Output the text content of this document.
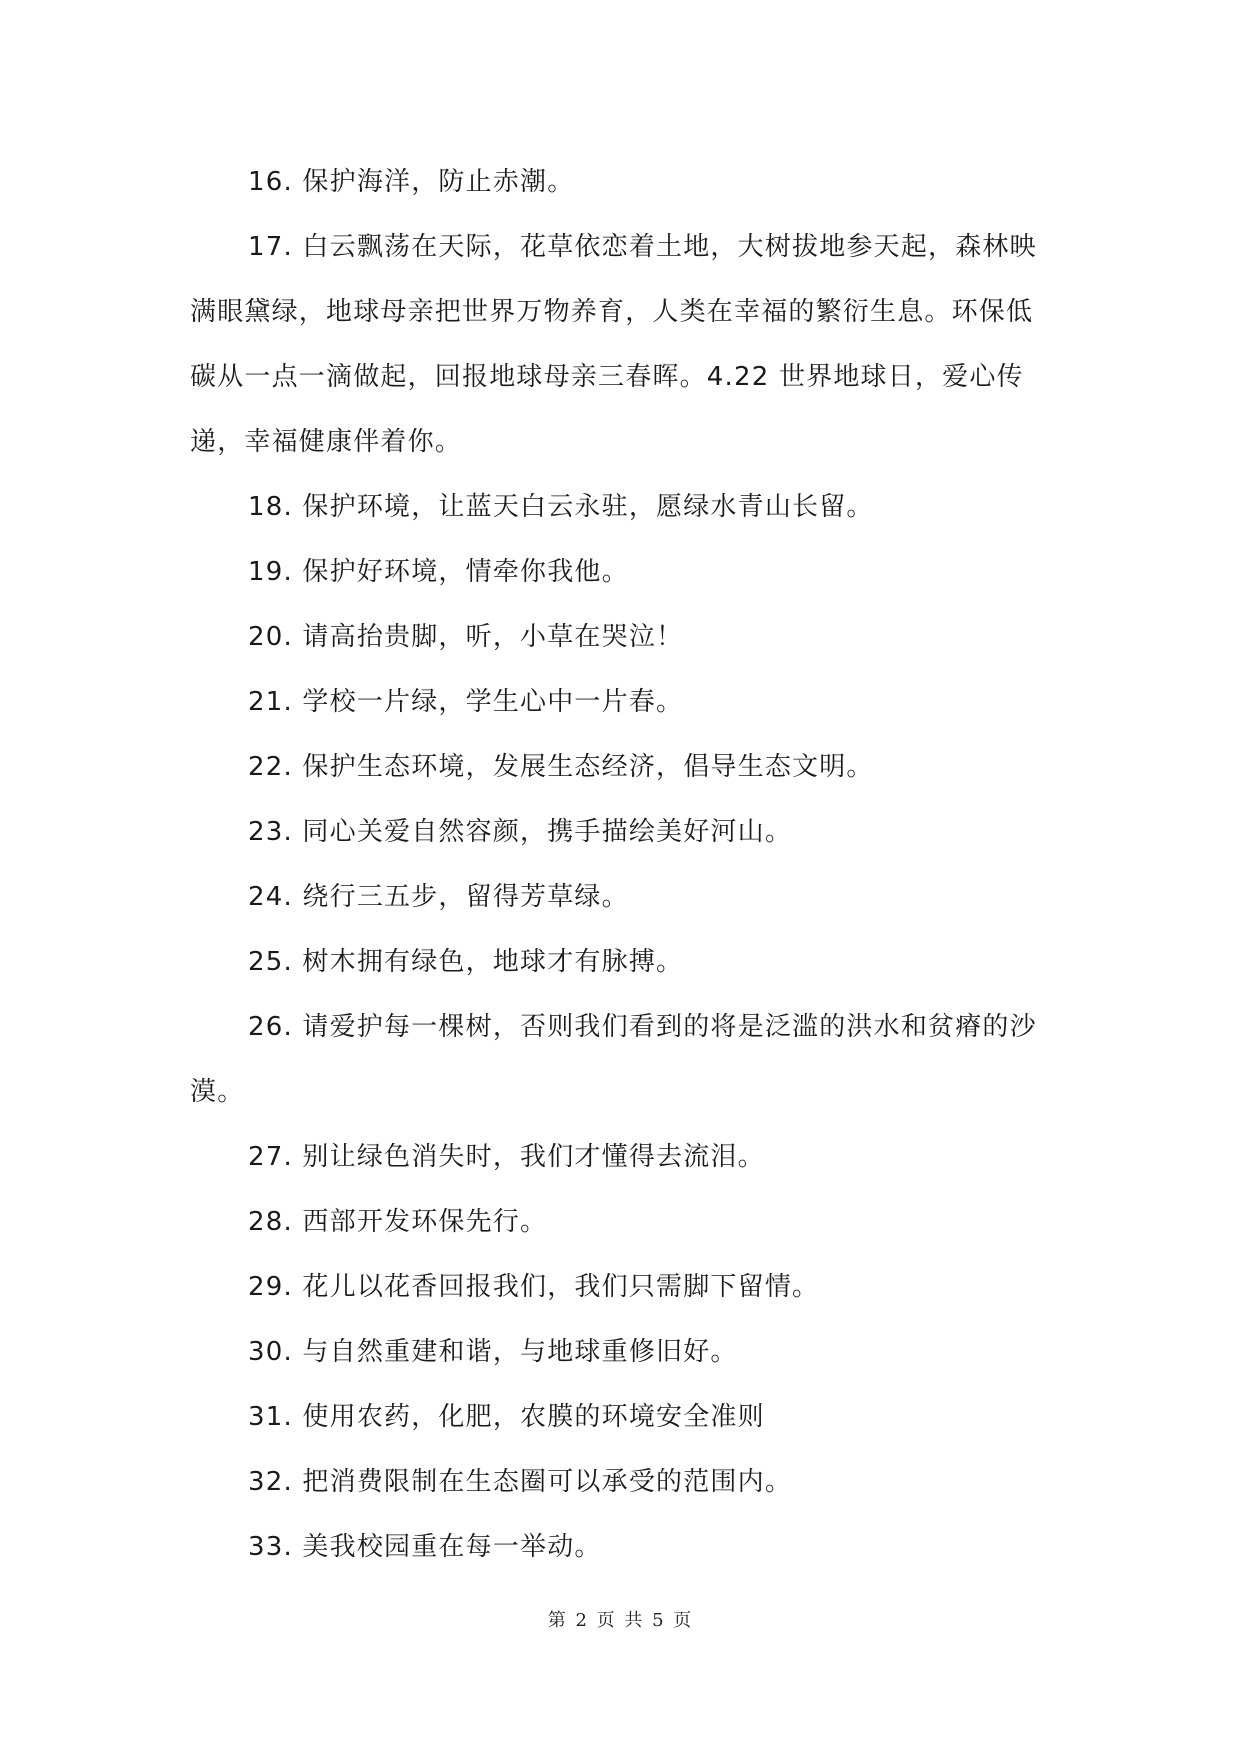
16. 保护海洋，防止赤潮。

17. 白云飘荡在天际，花草依恋着土地，大树拔地参天起，森林映满眼黛绿，地球母亲把世界万物养育，人类在幸福的繁衍生息。环保低碳从一点一滴做起，回报地球母亲三春晖。4.22 世界地球日，爱心传递，幸福健康伴着你。

18. 保护环境，让蓝天白云永驻，愿绿水青山长留。

19. 保护好环境，情牵你我他。

20. 请高抬贵脚，听，小草在哭泣！

21. 学校一片绿，学生心中一片春。

22. 保护生态环境，发展生态经济，倡导生态文明。

23. 同心关爱自然容颜，携手描绘美好河山。

24. 绕行三五步，留得芳草绿。

25. 树木拥有绿色，地球才有脉搏。

26. 请爱护每一棵树，否则我们看到的将是泛滥的洪水和贫瘠的沙漠。

27. 别让绿色消失时，我们才懂得去流泪。

28. 西部开发环保先行。

29. 花儿以花香回报我们，我们只需脚下留情。

30. 与自然重建和谐，与地球重修旧好。

31. 使用农药，化肥，农膜的环境安全准则

32. 把消费限制在生态圈可以承受的范围内。

33. 美我校园重在每一举动。

第 2 页 共 5 页
